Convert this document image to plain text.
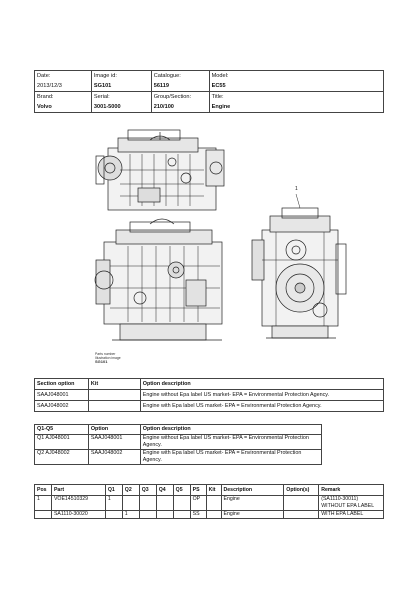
Date:	Image id:	Catalogue:	Model:
2013/12/3	SG101	56119	EC55
Brand:	Serial:	Group/Section:	Title:
Volvo	3001-5000	210/100	Engine
1
Parts number
Illustration image
SG101
Section option	Kit	Option description
SAAJ048001		Engine without Epa label US market- EPA = Environmental Protection Agency.
SAAJ048002		Engine with Epa label US market- EPA = Environmental Protection Agency.
Q1-Q5	Option	Option description
Q1 AJ048001	SAAJ048001	Engine without Epa label US market- EPA = Environmental Protection Agency.
Q2 AJ048002	SAAJ048002	Engine with Epa label US market- EPA = Environmental Protection Agency.
Pos	Part	Q1	Q2	Q3	Q4	Q5	PS	Kit	Description	Option(s)	Remark
1	VOE14510329	1					OP		Engine		(SA1110-30011) WITHOUT EPA LABEL
	SA1110-30020		1				SS		Engine		WITH EPA LABEL
